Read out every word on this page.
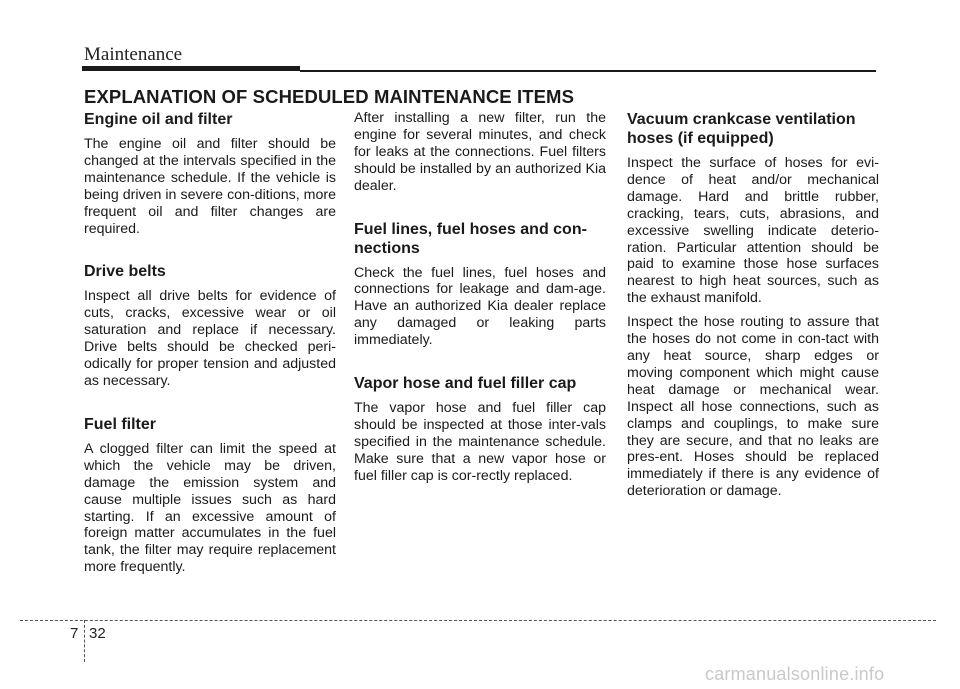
Maintenance
EXPLANATION OF SCHEDULED MAINTENANCE ITEMS
Engine oil and filter

The engine oil and filter should be changed at the intervals specified in the maintenance schedule. If the vehicle is being driven in severe con-ditions, more frequent oil and filter changes are required.

Drive belts

Inspect all drive belts for evidence of cuts, cracks, excessive wear or oil saturation and replace if necessary. Drive belts should be checked peri-odically for proper tension and adjusted as necessary.

Fuel filter

A clogged filter can limit the speed at which the vehicle may be driven, damage the emission system and cause multiple issues such as hard starting. If an excessive amount of foreign matter accumulates in the fuel tank, the filter may require replacement more frequently.

After installing a new filter, run the engine for several minutes, and check for leaks at the connections. Fuel filters should be installed by an authorized Kia dealer.

Fuel lines, fuel hoses and con-nections

Check the fuel lines, fuel hoses and connections for leakage and dam-age. Have an authorized Kia dealer replace any damaged or leaking parts immediately.

Vapor hose and fuel filler cap

The vapor hose and fuel filler cap should be inspected at those inter-vals specified in the maintenance schedule. Make sure that a new vapor hose or fuel filler cap is cor-rectly replaced.

Vacuum crankcase ventilation hoses (if equipped)

Inspect the surface of hoses for evi-dence of heat and/or mechanical damage. Hard and brittle rubber, cracking, tears, cuts, abrasions, and excessive swelling indicate deterio-ration. Particular attention should be paid to examine those hose surfaces nearest to high heat sources, such as the exhaust manifold.

Inspect the hose routing to assure that the hoses do not come in con-tact with any heat source, sharp edges or moving component which might cause heat damage or mechanical wear. Inspect all hose connections, such as clamps and couplings, to make sure they are secure, and that no leaks are pres-ent. Hoses should be replaced immediately if there is any evidence of deterioration or damage.

7 32
carmanualsonline.info
